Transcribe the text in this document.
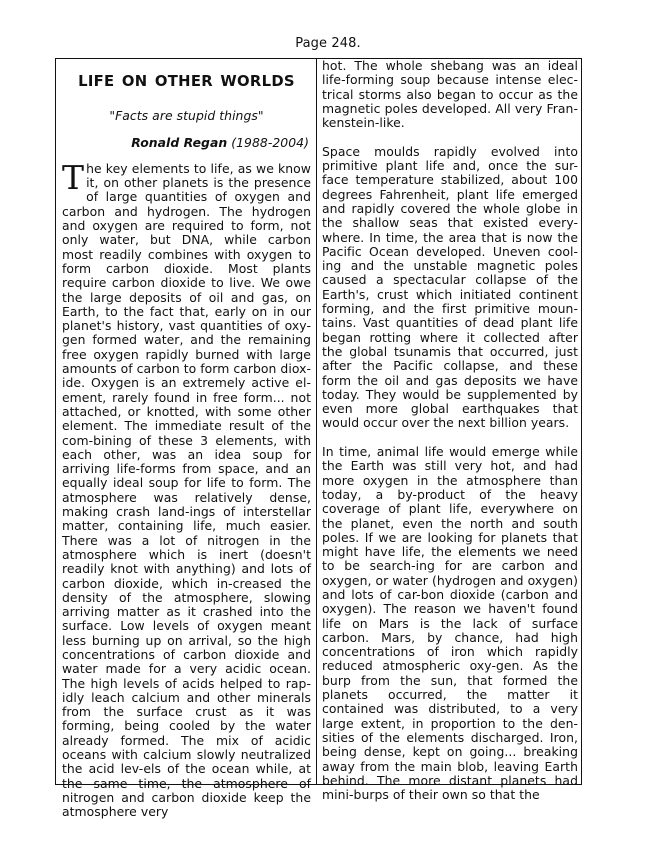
Page 248.
LIFE ON OTHER WORLDS
"Facts are stupid things"
Ronald Regan (1988-2004)

The key elements to life, as we know it, on other planets is the presence of large quantities of oxygen and carbon and hydrogen. The hydrogen and oxygen are required to form, not only water, but DNA, while carbon most readily combines with oxygen to form carbon dioxide. Most plants require carbon dioxide to live. We owe the large deposits of oil and gas, on Earth, to the fact that, early on in our planet's history, vast quantities of oxy-gen formed water, and the remaining free oxygen rapidly burned with large amounts of carbon to form carbon diox-ide. Oxygen is an extremely active el-ement, rarely found in free form... not attached, or knotted, with some other element. The immediate result of the com-bining of these 3 elements, with each other, was an idea soup for arriving life-forms from space, and an equally ideal soup for life to form. The atmosphere was relatively dense, making crash land-ings of interstellar matter, containing life, much easier. There was a lot of nitrogen in the atmosphere which is inert (doesn't readily knot with anything) and lots of carbon dioxide, which in-creased the density of the atmosphere, slowing arriving matter as it crashed into the surface. Low levels of oxygen meant less burning up on arrival, so the high concentrations of carbon dioxide and water made for a very acidic ocean. The high levels of acids helped to rap-idly leach calcium and other minerals from the surface crust as it was forming, being cooled by the water already formed. The mix of acidic oceans with calcium slowly neutralized the acid lev-els of the ocean while, at the same time, the atmosphere of nitrogen and carbon dioxide keep the atmosphere very

hot. The whole shebang was an ideal life-forming soup because intense elec-trical storms also began to occur as the magnetic poles developed. All very Fran-kenstein-like.

Space moulds rapidly evolved into primitive plant life and, once the sur-face temperature stabilized, about 100 degrees Fahrenheit, plant life emerged and rapidly covered the whole globe in the shallow seas that existed every-where. In time, the area that is now the Pacific Ocean developed. Uneven cool-ing and the unstable magnetic poles caused a spectacular collapse of the Earth's, crust which initiated continent forming, and the first primitive moun-tains. Vast quantities of dead plant life began rotting where it collected after the global tsunamis that occurred, just after the Pacific collapse, and these form the oil and gas deposits we have today. They would be supplemented by even more global earthquakes that would occur over the next billion years.

In time, animal life would emerge while the Earth was still very hot, and had more oxygen in the atmosphere than today, a by-product of the heavy coverage of plant life, everywhere on the planet, even the north and south poles. If we are looking for planets that might have life, the elements we need to be search-ing for are carbon and oxygen, or water (hydrogen and oxygen) and lots of car-bon dioxide (carbon and oxygen). The reason we haven't found life on Mars is the lack of surface carbon. Mars, by chance, had high concentrations of iron which rapidly reduced atmospheric oxy-gen. As the burp from the sun, that formed the planets occurred, the matter it contained was distributed, to a very large extent, in proportion to the den-sities of the elements discharged. Iron, being dense, kept on going... breaking away from the main blob, leaving Earth behind. The more distant planets had mini-burps of their own so that the
